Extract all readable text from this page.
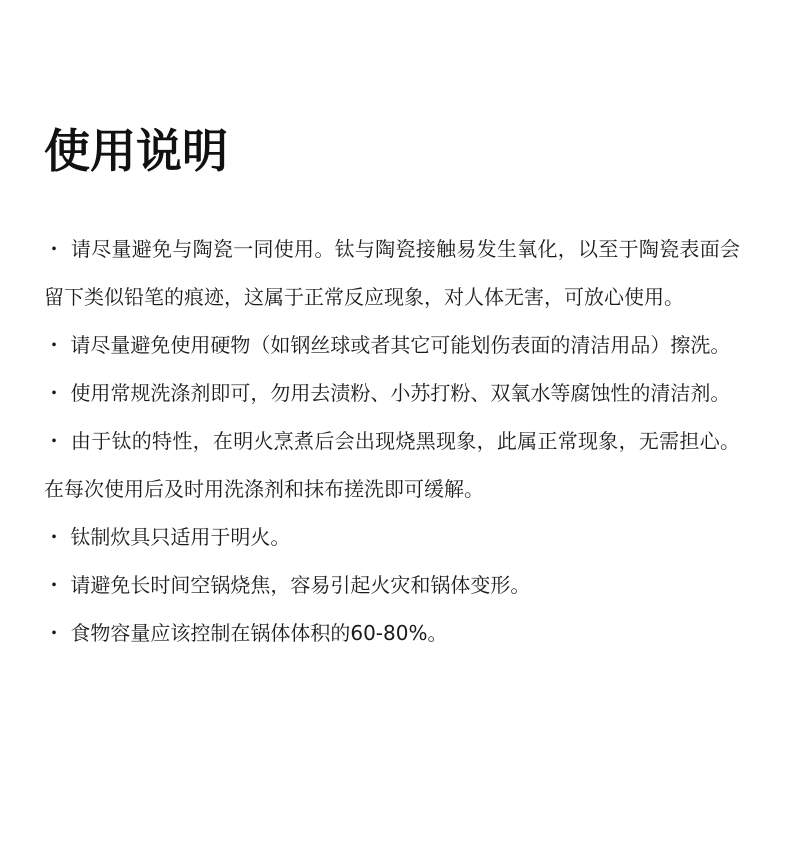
使用说明
・ 请尽量避免与陶瓷一同使用。钛与陶瓷接触易发生氧化，以至于陶瓷表面会留下类似铅笔的痕迹，这属于正常反应现象，对人体无害，可放心使用。
・ 请尽量避免使用硬物（如钢丝球或者其它可能划伤表面的清洁用品）擦洗。
・ 使用常规洗涤剂即可，勿用去渍粉、小苏打粉、双氧水等腐蚀性的清洁剂。
・ 由于钛的特性，在明火烹煮后会出现烧黑现象，此属正常现象，无需担心。在每次使用后及时用洗涤剂和抹布搓洗即可缓解。
・ 钛制炊具只适用于明火。
・ 请避免长时间空锅烧焦，容易引起火灾和锅体变形。
・ 食物容量应该控制在锅体体积的60-80%。
